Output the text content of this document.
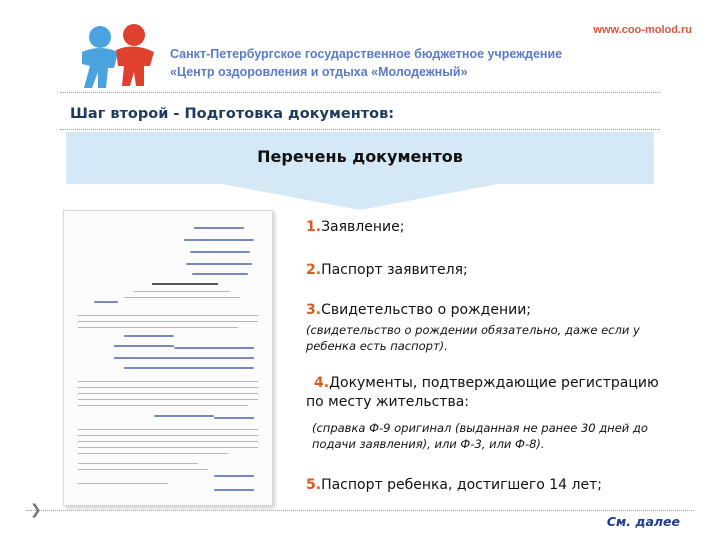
www.coo-molod.ru
Санкт-Петербургское государственное бюджетное учреждение
«Центр оздоровления и отдыха «Молодежный»
Шаг второй - Подготовка документов:
Перечень документов
1.Заявление;
2.Паспорт заявителя;
3.Свидетельство о рождении;
(свидетельство о рождении обязательно, даже если у
ребенка есть паспорт).
4.Документы, подтверждающие регистрацию
по месту жительства:
(справка Ф-9 оригинал (выданная не ранее 30 дней до
подачи заявления), или Ф-3, или Ф-8).
5.Паспорт ребенка, достигшего 14 лет;
❯
См. далее
